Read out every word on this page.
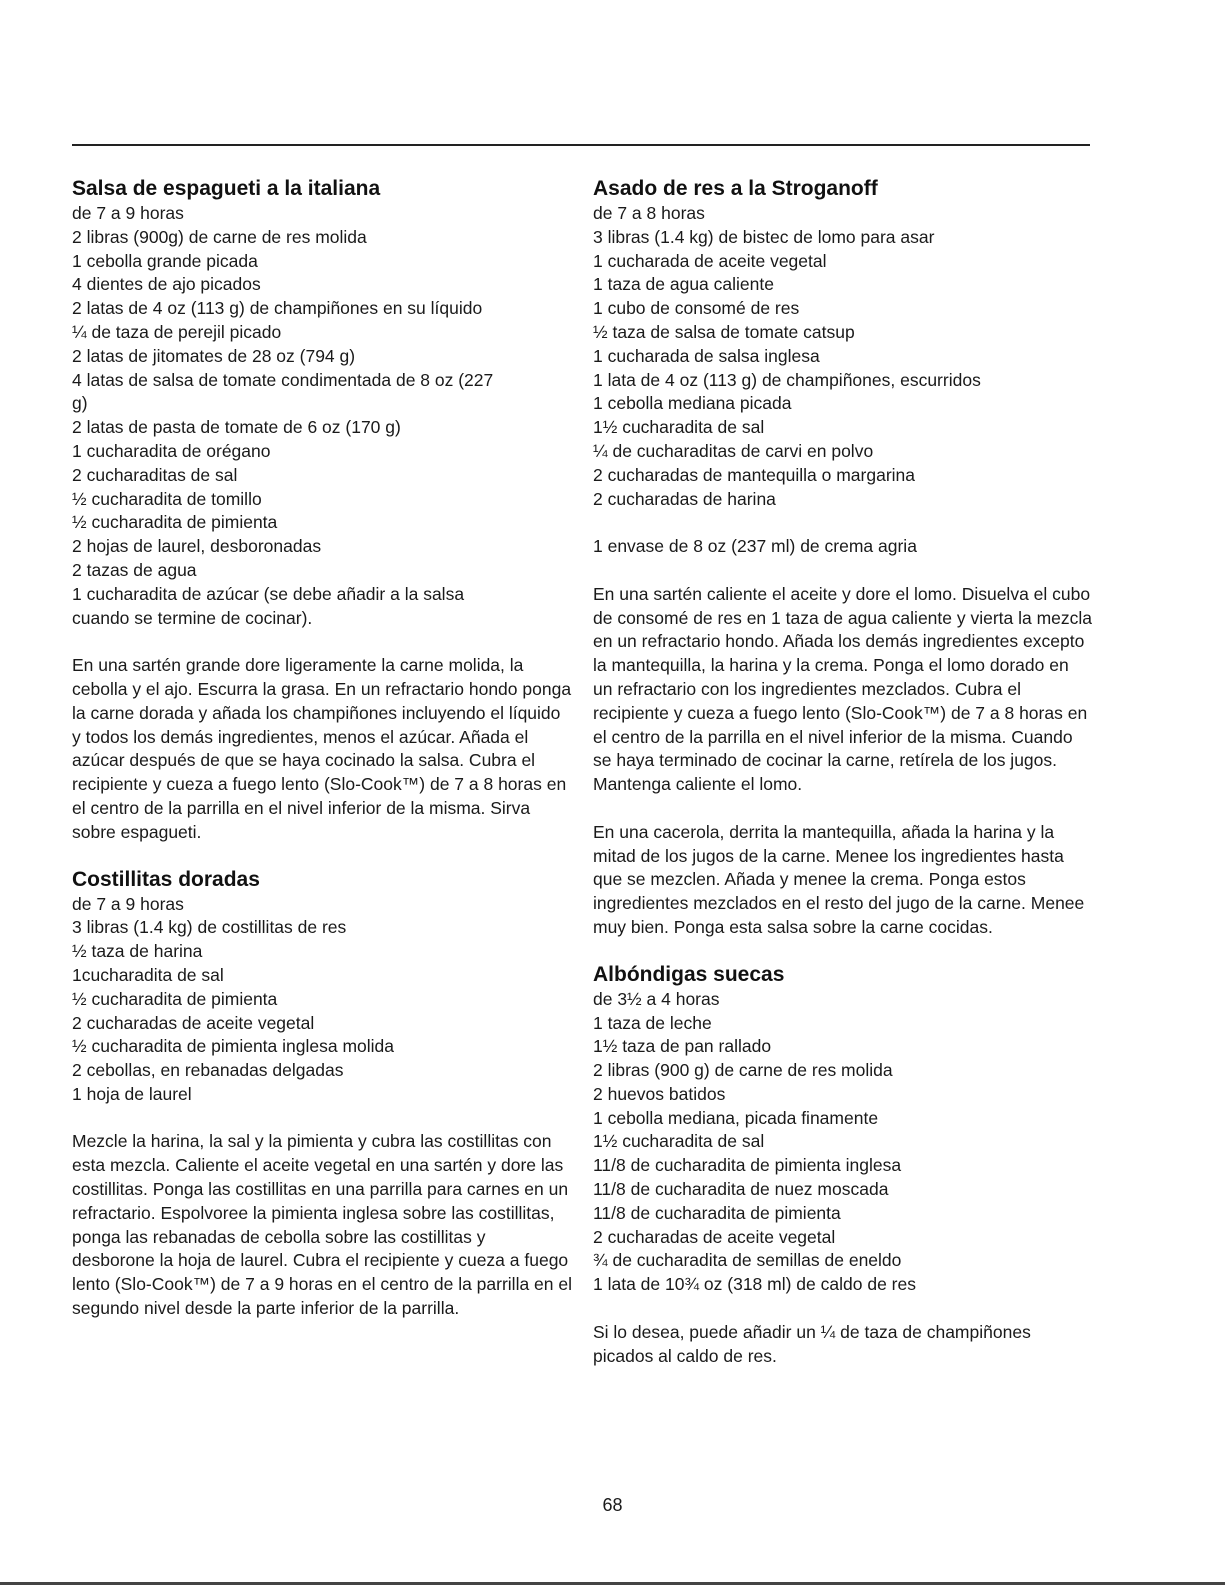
Salsa de espagueti a la italiana

de 7 a 9 horas

2 libras (900g) de carne de res molida
1 cebolla grande picada
4 dientes de ajo picados
2 latas de 4 oz (113 g) de champiñones en su líquido
¼ de taza de perejil picado
2 latas de jitomates de 28 oz (794 g)
4 latas de salsa de tomate condimentada de 8 oz (227
g)
2 latas de pasta de tomate de 6 oz (170 g)
1 cucharadita de orégano
2 cucharaditas de sal
½ cucharadita de tomillo
½ cucharadita de pimienta
2 hojas de laurel, desboronadas
2 tazas de agua
1 cucharadita de azúcar (se debe añadir a la salsa
cuando se termine de cocinar).

En una sartén grande dore ligeramente la carne molida, la cebolla y el ajo. Escurra la grasa. En un refractario hondo ponga la carne dorada y añada los champiñones incluyendo el líquido y todos los demás ingredientes, menos el azúcar. Añada el azúcar después de que se haya cocinado la salsa. Cubra el recipiente y cueza a fuego lento (Slo-Cook™) de 7 a 8 horas en el centro de la parrilla en el nivel inferior de la misma. Sirva sobre espagueti.

Costillitas doradas

de 7 a 9 horas

3 libras (1.4 kg) de costillitas de res
½ taza de harina
1cucharadita de sal
½ cucharadita de pimienta
2 cucharadas de aceite vegetal
½ cucharadita de pimienta inglesa molida
2 cebollas, en rebanadas delgadas
1 hoja de laurel

Mezcle la harina, la sal y la pimienta y cubra las costillitas con esta mezcla. Caliente el aceite vegetal en una sartén y dore las costillitas. Ponga las costillitas en una parrilla para carnes en un refractario. Espolvoree la pimienta inglesa sobre las costillitas, ponga las rebanadas de cebolla sobre las costillitas y desborone la hoja de laurel. Cubra el recipiente y cueza a fuego lento (Slo-Cook™) de 7 a 9 horas en el centro de la parrilla en el segundo nivel desde la parte inferior de la parrilla.

Asado de res a la Stroganoff

de 7 a 8 horas

3 libras (1.4 kg) de bistec de lomo para asar
1 cucharada de aceite vegetal
1 taza de agua caliente
1 cubo de consomé de res
½ taza de salsa de tomate catsup
1 cucharada de salsa inglesa
1 lata de 4 oz (113 g) de champiñones, escurridos
1 cebolla mediana picada
1½ cucharadita de sal
¼ de cucharaditas de carvi en polvo
2 cucharadas de mantequilla o margarina
2 cucharadas de harina
1 envase de 8 oz (237 ml) de crema agria

En una sartén caliente el aceite y dore el lomo. Disuelva el cubo de consomé de res en 1 taza de agua caliente y vierta la mezcla en un refractario hondo. Añada los demás ingredientes excepto la mantequilla, la harina y la crema. Ponga el lomo dorado en un refractario con los ingredientes mezclados. Cubra el recipiente y cueza a fuego lento (Slo-Cook™) de 7 a 8 horas en el centro de la parrilla en el nivel inferior de la misma. Cuando se haya terminado de cocinar la carne, retírela de los jugos. Mantenga caliente el lomo.

En una cacerola, derrita la mantequilla, añada la harina y la mitad de los jugos de la carne. Menee los ingredientes hasta que se mezclen. Añada y menee la crema. Ponga estos ingredientes mezclados en el resto del jugo de la carne. Menee muy bien. Ponga esta salsa sobre la carne cocidas.

Albóndigas suecas

de 3½ a 4 horas

1 taza de leche
1½ taza de pan rallado
2 libras (900 g) de carne de res molida
2 huevos batidos
1 cebolla mediana, picada finamente
1½ cucharadita de sal
11/8 de cucharadita de pimienta inglesa
11/8 de cucharadita de nuez moscada
11/8 de cucharadita de pimienta
2 cucharadas de aceite vegetal
¾ de cucharadita de semillas de eneldo
1 lata de 10¾ oz (318 ml) de caldo de res

Si lo desea, puede añadir un ¼ de taza de champiñones picados al caldo de res.

68
